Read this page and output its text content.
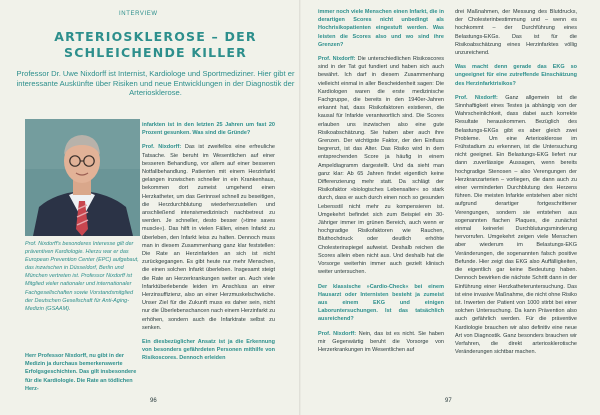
INTERVIEW
ARTERIOSKLEROSE – DER
SCHLEICHENDE KILLER
Professor Dr. Uwe Nixdorff ist Internist, Kardiologe und Sportmediziner. Hier gibt er interessante Auskünfte über Risiken und neue Entwicklungen in der Diagnostik der Arteriosklerose.
Prof. Nixdorff's besonderes Interesse gilt der präventiven Kardiologie. Hierzu war er das European Prevention Center (EPC) aufgebaut, das inzwischen in Düsseldorf, Berlin und München vertreten ist. Professor Nixdorff ist Mitglied vieler nationaler und internationaler Fachgesellschaften sowie Vorstandsmitglied der Deutschen Gesellschaft für Anti-Aging-Medizin (GSAAM).
Herr Professor Nixdorff, nu gibt in der Medizin ja durchaus bemerkenswerte Erfolgsgeschichten. Das gilt insbesondere für die Kardiologie. Die Rate an tödlichen Herz-

infarkten ist in den letzten 25 Jahren um fast 20 Prozent gesunken. Was sind die Gründe?

Prof. Nixdorff: Das ist zweifellos eine erfreuliche Tatsache. Sie beruht im Wesentlichen auf einer besseren Behandlung, vor allem auf einer besseren Notfallbehandlung. Patienten mit einem Herzinfarkt gelangen inzwischen schneller in ein Krankenhaus, bekommen dort zumeist umgehend einen Herzkatheter, um das Gerinnsel schnell zu beseitigen, die Herzdurchblutung wiederherzustellen und anschließend intensivmedizinisch nachbetreut zu werden. Je schneller, desto besser (»time saves muscle«). Das hilft in vielen Fällen, einen Infarkt zu überleben, den Infarkt leiss zu halten. Dennoch muss man in diesem Zusammenhang ganz klar feststellen: Die Rate an Herzinfarkten an sich ist nicht zurückgegangen. Es gibt heute nur mehr Menschen, die einen solchen Infarkt überleben. Insgesamt steigt die Rate an Herzerkrankungen weiter an. Auch viele Infarktüberlebende leiden im Anschluss an einer Herzinsuffizienz, also an einer Herzmuskelschwäche. Unser Ziel für die Zukunft muss es daher sein, nicht nur die Überlebenschancen nach einem Herzinfarkt zu erhöhen, sondern auch die Infarktrate selbst zu senken.

Ein diesbezüglicher Ansatz ist ja die Erkennung von besonders gefährdeten Personen mithilfe von Risikoscores. Dennoch erleiden

96

immer noch viele Menschen einen Infarkt, die in derartigen Scores nicht unbedingt als Hochrisikopatienten eingestuft werden. Was leisten die Scores also und wo sind ihre Grenzen?

Prof. Nixdorff: Die unterschiedlichen Risikoscores sind in der Tat gut fundiert und haben sich auch bewährt. Ich darf in diesem Zusammenhang vielleicht einmal in aller Bescheidenheit sagen: Die Kardiologen waren die erste medizinische Fachgruppe, die bereits in den 1940er-Jahren erkannt hat, dass Risikofaktoren existieren, die kausal für Infarkte verantwortlich sind. Die Scores erlauben uns inzwischen also eine gute Risikoabschätzung. Sie haben aber auch ihre Grenzen. Der wichtigste Faktor, der den Einfluss begrenzt, ist das Alter. Das Risiko wird in dem entsprechenden Score ja häufig in einem Ampeldiagramm dargestellt. Und da sieht man ganz klar: Ab 65 Jahren findet eigentlich keine Differenzierung mehr statt. Da schlägt der Risikofaktor »biologisches Lebensalter« so stark durch, dass er auch durch einen noch so gesunden Lebensstil nicht mehr zu kompensieren ist. Umgekehrt befindet sich zum Beispiel ein 30-Jähriger immer im grünen Bereich, auch wenn er hochgradige Risikofaktoren wie Rauchen, Bluthochdruck oder deutlich erhöhte Cholesterinspiegel aufweist. Deshalb reichen die Scores allein eben nicht aus. Und deshalb hat die Vorsorge weiterhin immer auch gezielt klinisch weiter untersuchen.

Der klassische »Cardio-Check« bei einem Hausarzt oder Internisten besteht ja zumeist aus einem EKG und einigen Laboruntersuchungen. Ist das tatsächlich ausreichend?

Prof. Nixdorff: Nein, das ist es nicht. Sie haben mir Gegenwärtig beruht die Vorsorge von Herzerkrankungen im Wesentlichen auf

drei Maßnahmen, der Messung des Blutdrucks, der Cholesterinbestimmung und – wenn es hochkommt – der Durchführung eines Belastungs-EKGs. Das ist für die Risikoabschätzung eines Herzinfarktes völlig unzureichend.

Was macht denn gerade das EKG so ungeeignet für eine zutreffende Einschätzung des Herzinfarktrisikos?

Prof. Nixdorff: Ganz allgemein ist die Sinnhaftigkeit eines Testes ja abhängig von der Wahrscheinlichkeit, dass dabei auch korrekte Resultate herauskommen. Bezüglich des Belastungs-EKGs gibt es aber gleich zwei Probleme. Um eine Arteriosklerose im Frühstadium zu erkennen, ist die Untersuchung nicht geeignet. Ein Belastungs-EKG liefert nur dann zuverlässige Aussagen, wenn bereits hochgradige Stenosen – also Verengungen der Herzkranzarterien – vorliegen, die dann auch zu einer verminderten Durchblutung des Herzens führen. Die meisten Infarkte entstehen aber nicht aufgrund derartiger fortgeschrittener Verengungen, sondern sie entstehen aus sogenannten flachen Plaques, die zunächst einmal keinerlei Durchblutungsminderung hervorrufen. Umgekehrt zeigen viele Menschen aber wiederum im Belastungs-EKG Veränderungen, die sogenannten falsch positive Befunde. Hier zeigt das EKG also Auffälligkeiten, die eigentlich gar keine Bedeutung haben. Dennoch bewirken die nächste Schritt dann in der Einführung einer Herzkatheteruntersuchung. Das ist eine invasive Maßnahme, die nicht ohne Risiko ist. Inwerten der Patient von 1000 stirbt bei einer solchen Untersuchung. Da kann Prävention also auch gefährlich werden. Für die präventive Kardiologie brauchen wir also definitiv eine neue Art von Diagnostik. Ganz besonders brauchen wir Verfahren, die direkt arteriosklerotische Veränderungen sichtbar machen.

97
